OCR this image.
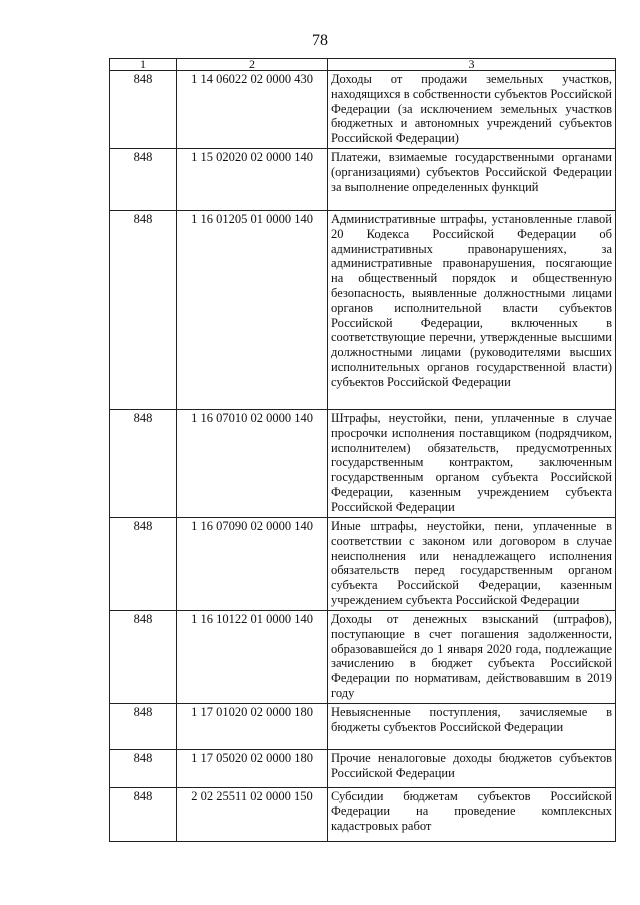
78
1	2	3
848	1 14 06022 02 0000 430	Доходы от продажи земельных участков, находящихся в собственности субъектов Российской Федерации (за исключением земельных участков бюджетных и автономных учреждений субъектов Российской Федерации)
848	1 15 02020 02 0000 140	Платежи, взимаемые государственными органами (организациями) субъектов Российской Федерации за выполнение определенных функций
848	1 16 01205 01 0000 140	Административные штрафы, установленные главой 20 Кодекса Российской Федерации об административных правонарушениях, за административные правонарушения, посягающие на общественный порядок и общественную безопасность, выявленные должностными лицами органов исполнительной власти субъектов Российской Федерации, включенных в соответствующие перечни, утвержденные высшими должностными лицами (руководителями высших исполнительных органов государственной власти) субъектов Российской Федерации
848	1 16 07010 02 0000 140	Штрафы, неустойки, пени, уплаченные в случае просрочки исполнения поставщиком (подрядчиком, исполнителем) обязательств, предусмотренных государственным контрактом, заключенным государственным органом субъекта Российской Федерации, казенным учреждением субъекта Российской Федерации
848	1 16 07090 02 0000 140	Иные штрафы, неустойки, пени, уплаченные в соответствии с законом или договором в случае неисполнения или ненадлежащего исполнения обязательств перед государственным органом субъекта Российской Федерации, казенным учреждением субъекта Российской Федерации
848	1 16 10122 01 0000 140	Доходы от денежных взысканий (штрафов), поступающие в счет погашения задолженности, образовавшейся до 1 января 2020 года, подлежащие зачислению в бюджет субъекта Российской Федерации по нормативам, действовавшим в 2019 году
848	1 17 01020 02 0000 180	Невыясненные поступления, зачисляемые в бюджеты субъектов Российской Федерации
848	1 17 05020 02 0000 180	Прочие неналоговые доходы бюджетов субъектов Российской Федерации
848	2 02 25511 02 0000 150	Субсидии бюджетам субъектов Российской Федерации на проведение комплексных кадастровых работ
